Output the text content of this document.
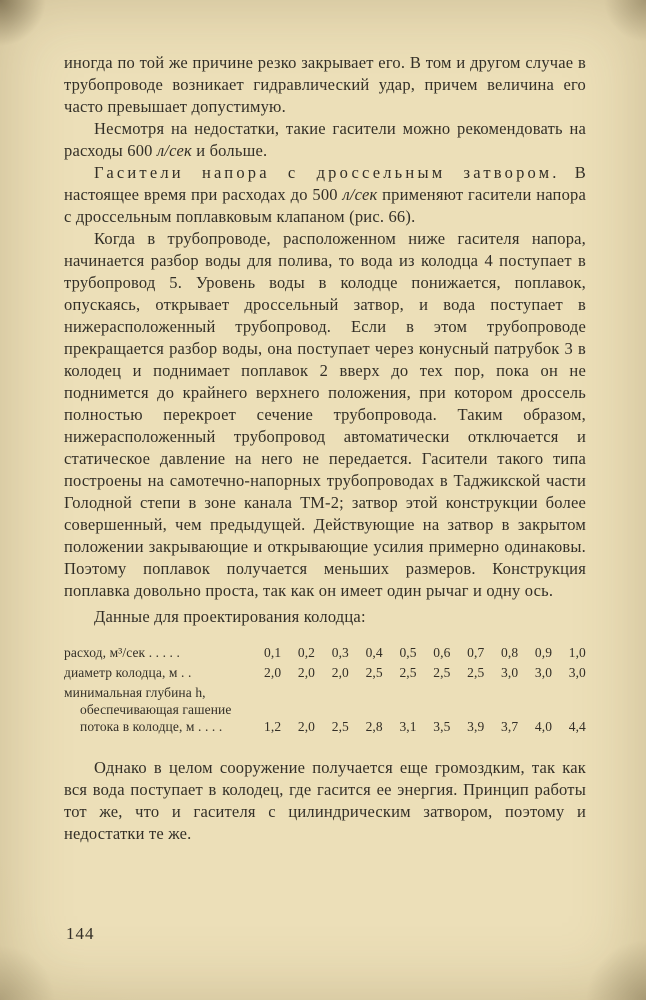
иногда по той же причине резко закрывает его. В том и другом случае в трубопроводе возникает гидравлический удар, причем величина его часто превышает допустимую.

Несмотря на недостатки, такие гасители можно рекомендовать на расходы 600 л/сек и больше.

Гасители напора с дроссельным затвором. В настоящее время при расходах до 500 л/сек применяют гасители напора с дроссельным поплавковым клапаном (рис. 66).

Когда в трубопроводе, расположенном ниже гасителя напора, начинается разбор воды для полива, то вода из колодца 4 поступает в трубопровод 5. Уровень воды в колодце понижается, поплавок, опускаясь, открывает дроссельный затвор, и вода поступает в нижерасположенный трубопровод. Если в этом трубопроводе прекращается разбор воды, она поступает через конусный патрубок 3 в колодец и поднимает поплавок 2 вверх до тех пор, пока он не поднимется до крайнего верхнего положения, при котором дроссель полностью перекроет сечение трубопровода. Таким образом, нижерасположенный трубопровод автоматически отключается и статическое давление на него не передается. Гасители такого типа построены на самотечно-напорных трубопроводах в Таджикской части Голодной степи в зоне канала ТМ-2; затвор этой конструкции более совершенный, чем предыдущей. Действующие на затвор в закрытом положении закрывающие и открывающие усилия примерно одинаковы. Поэтому поплавок получается меньших размеров. Конструкция поплавка довольно проста, так как он имеет один рычаг и одну ось.

Данные для проектирования колодца:

расход, м³/сек . . . . .	0,1 0,2 0,3 0,4 0,5 0,6 0,7 0,8 0,9 1,0
диаметр колодца, м . .	2,0 2,0 2,0 2,5 2,5 2,5 2,5 3,0 3,0 3,0
минимальная глубина h, обеспечивающая гашение потока в колодце, м . . . .	1,2 2,0 2,5 2,8 3,1 3,5 3,9 3,7 4,0 4,4

Однако в целом сооружение получается еще громоздким, так как вся вода поступает в колодец, где гасится ее энергия. Принцип работы тот же, что и гасителя с цилиндрическим затвором, поэтому и недостатки те же.

144
